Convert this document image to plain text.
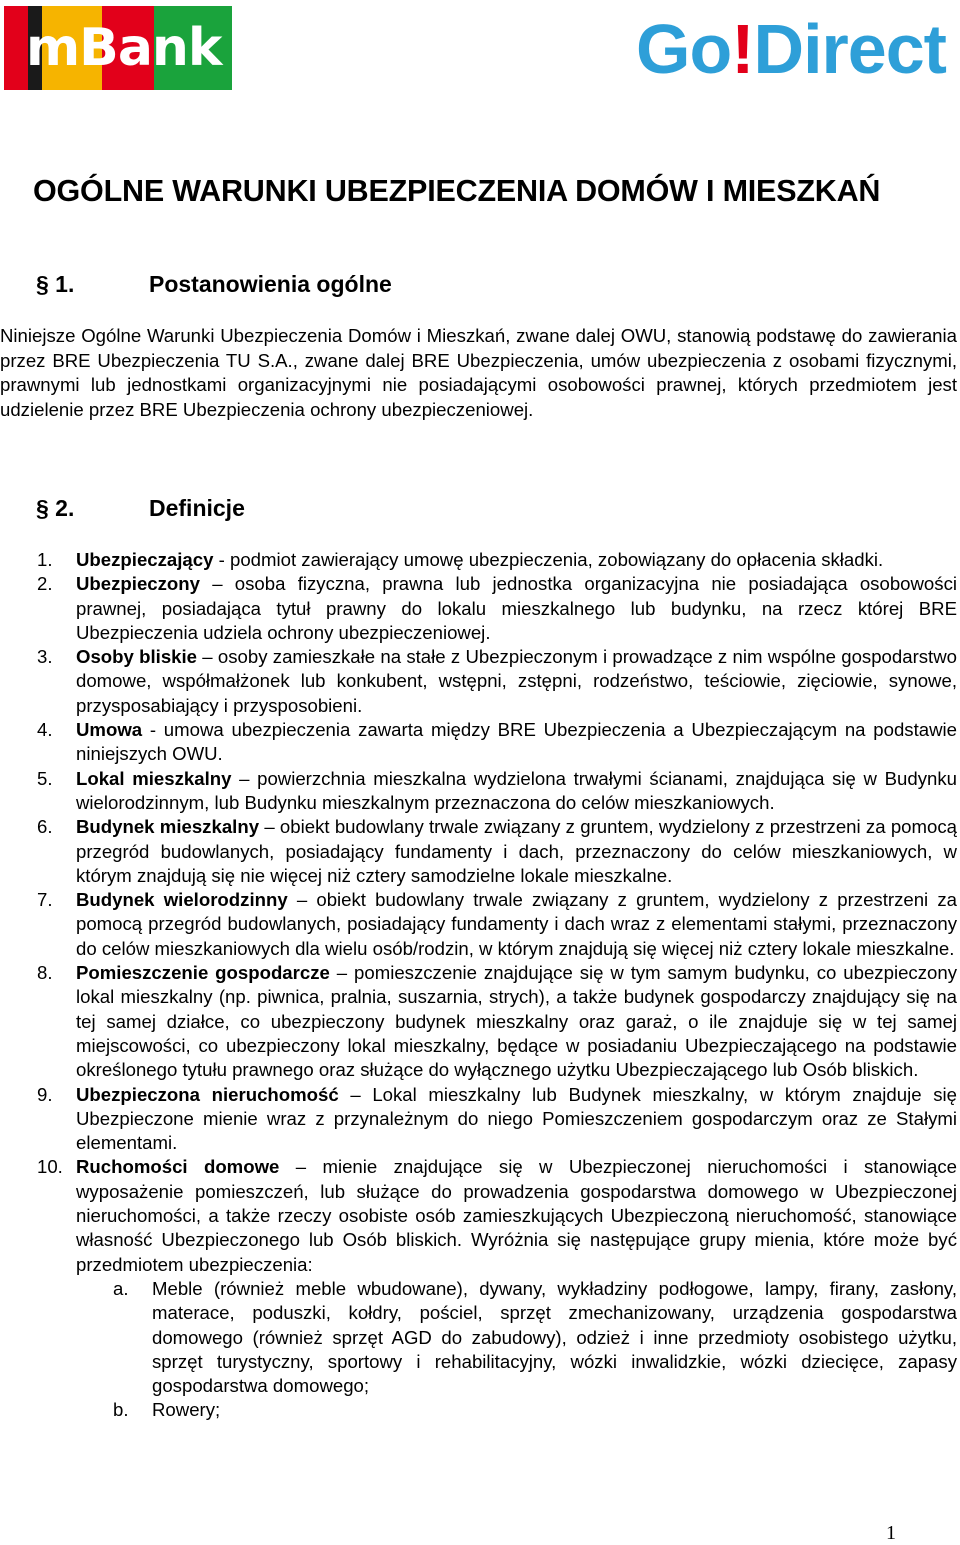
mBank	Go!Direct
OGÓLNE WARUNKI UBEZPIECZENIA DOMÓW I MIESZKAŃ
§ 1.	Postanowienia ogólne

Niniejsze Ogólne Warunki Ubezpieczenia Domów i Mieszkań, zwane dalej OWU, stanowią podstawę do zawierania przez BRE Ubezpieczenia TU S.A., zwane dalej BRE Ubezpieczenia, umów ubezpieczenia z osobami fizycznymi, prawnymi lub jednostkami organizacyjnymi nie posiadającymi osobowości prawnej, których przedmiotem jest udzielenie przez BRE Ubezpieczenia ochrony ubezpieczeniowej.

§ 2.	Definicje
1. Ubezpieczający - podmiot zawierający umowę ubezpieczenia, zobowiązany do opłacenia składki.
2. Ubezpieczony – osoba fizyczna, prawna lub jednostka organizacyjna nie posiadająca osobowości prawnej, posiadająca tytuł prawny do lokalu mieszkalnego lub budynku, na rzecz której BRE Ubezpieczenia udziela ochrony ubezpieczeniowej.
3. Osoby bliskie – osoby zamieszkałe na stałe z Ubezpieczonym i prowadzące z nim wspólne gospodarstwo domowe, współmałżonek lub konkubent, wstępni, zstępni, rodzeństwo, teściowie, zięciowie, synowe, przysposabiający i przysposobieni.
4. Umowa - umowa ubezpieczenia zawarta między BRE Ubezpieczenia a Ubezpieczającym na podstawie niniejszych OWU.
5. Lokal mieszkalny – powierzchnia mieszkalna wydzielona trwałymi ścianami, znajdująca się w Budynku wielorodzinnym, lub Budynku mieszkalnym przeznaczona do celów mieszkaniowych.
6. Budynek mieszkalny – obiekt budowlany trwale związany z gruntem, wydzielony z przestrzeni za pomocą przegród budowlanych, posiadający fundamenty i dach, przeznaczony do celów mieszkaniowych, w którym znajdują się nie więcej niż cztery samodzielne lokale mieszkalne.
7. Budynek wielorodzinny – obiekt budowlany trwale związany z gruntem, wydzielony z przestrzeni za pomocą przegród budowlanych, posiadający fundamenty i dach wraz z elementami stałymi, przeznaczony do celów mieszkaniowych dla wielu osób/rodzin, w którym znajdują się więcej niż cztery lokale mieszkalne.
8. Pomieszczenie gospodarcze – pomieszczenie znajdujące się w tym samym budynku, co ubezpieczony lokal mieszkalny (np. piwnica, pralnia, suszarnia, strych), a także budynek gospodarczy znajdujący się na tej samej działce, co ubezpieczony budynek mieszkalny oraz garaż, o ile znajduje się w tej samej miejscowości, co ubezpieczony lokal mieszkalny, będące w posiadaniu Ubezpieczającego na podstawie określonego tytułu prawnego oraz służące do wyłącznego użytku Ubezpieczającego lub Osób bliskich.
9. Ubezpieczona nieruchomość – Lokal mieszkalny lub Budynek mieszkalny, w którym znajduje się Ubezpieczone mienie wraz z przynależnym do niego Pomieszczeniem gospodarczym oraz ze Stałymi elementami.
10. Ruchomości domowe – mienie znajdujące się w Ubezpieczonej nieruchomości i stanowiące wyposażenie pomieszczeń, lub służące do prowadzenia gospodarstwa domowego w Ubezpieczonej nieruchomości, a także rzeczy osobiste osób zamieszkujących Ubezpieczoną nieruchomość, stanowiące własność Ubezpieczonego lub Osób bliskich. Wyróżnia się następujące grupy mienia, które może być przedmiotem ubezpieczenia:
a. Meble (również meble wbudowane), dywany, wykładziny podłogowe, lampy, firany, zasłony, materace, poduszki, kołdry, pościel, sprzęt zmechanizowany, urządzenia gospodarstwa domowego (również sprzęt AGD do zabudowy), odzież i inne przedmioty osobistego użytku, sprzęt turystyczny, sportowy i rehabilitacyjny, wózki inwalidzkie, wózki dziecięce, zapasy gospodarstwa domowego;
b. Rowery;
1
